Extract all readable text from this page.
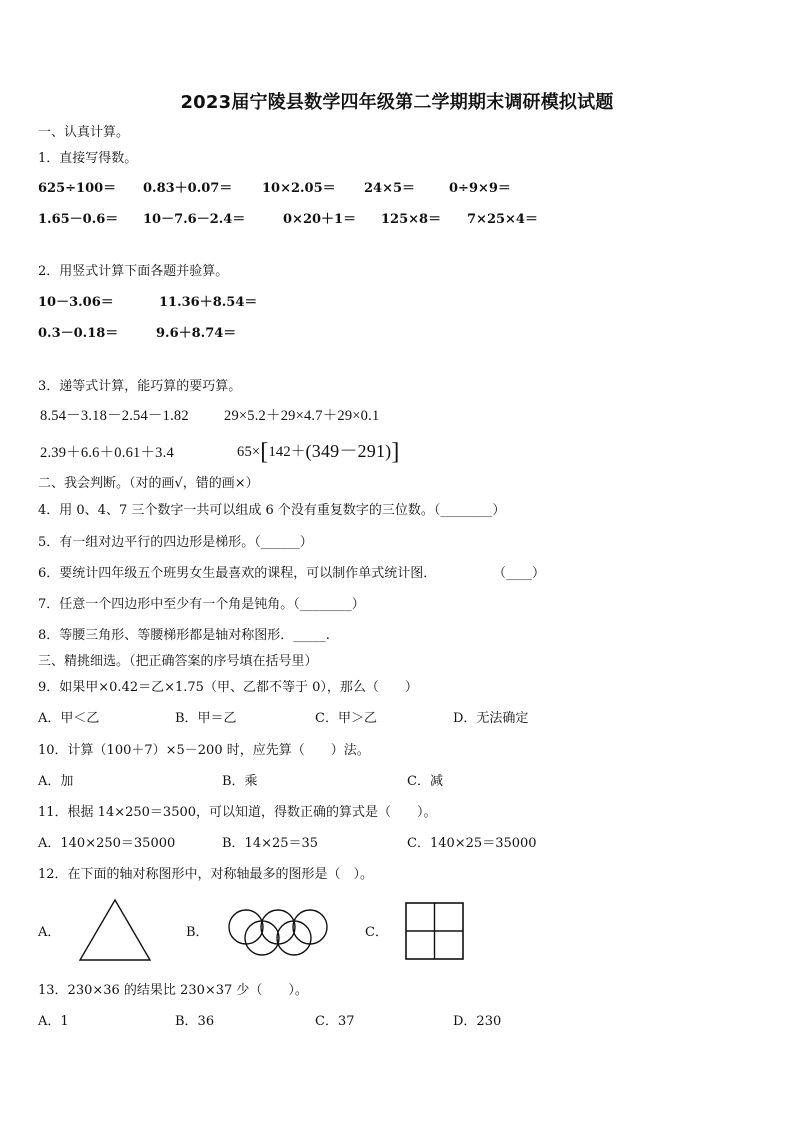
2023届宁陵县数学四年级第二学期期末调研模拟试题
一、认真计算。
1．直接写得数。
625÷100＝ 0.83＋0.07＝ 10×2.05＝ 24×5＝	0÷9×9＝
1.65－0.6＝ 10－7.6－2.4＝	0×20＋1＝ 125×8＝ 7×25×4＝
2．用竖式计算下面各题并验算。
10－3.06＝	11.36＋8.54＝
0.3－0.18＝	9.6＋8.74＝
3．递等式计算，能巧算的要巧算。
8.54－3.18－2.54－1.82 29×5.2＋29×4.7＋29×0.1
2.39＋6.6＋0.61＋3.4	65×[142＋(349－291)]
二、我会判断。（对的画√，错的画×）
4．用 0、4、7 三个数字一共可以组成 6 个没有重复数字的三位数。（________）
5．有一组对边平行的四边形是梯形。（______）
6．要统计四年级五个班男女生最喜欢的课程，可以制作单式统计图．	（____）
7．任意一个四边形中至少有一个角是钝角。（________）
8．等腰三角形、等腰梯形都是轴对称图形．_____.
三、精挑细选。（把正确答案的序号填在括号里）
9．如果甲×0.42＝乙×1.75（甲、乙都不等于 0），那么（　　）
A．甲＜乙	B．甲＝乙	C．甲＞乙	D．无法确定
10．计算（100＋7）×5－200 时，应先算（　　）法。
A．加	B．乘	C．减
11．根据 14×250＝3500，可以知道，得数正确的算式是（　　）。
A．140×250＝35000	B．14×25＝35	C．140×25＝35000
12．在下面的轴对称图形中，对称轴最多的图形是（　）。
A．	B．	C．
13．230×36 的结果比 230×37 少（　　）。
A．1	B．36	C．37	D．230
